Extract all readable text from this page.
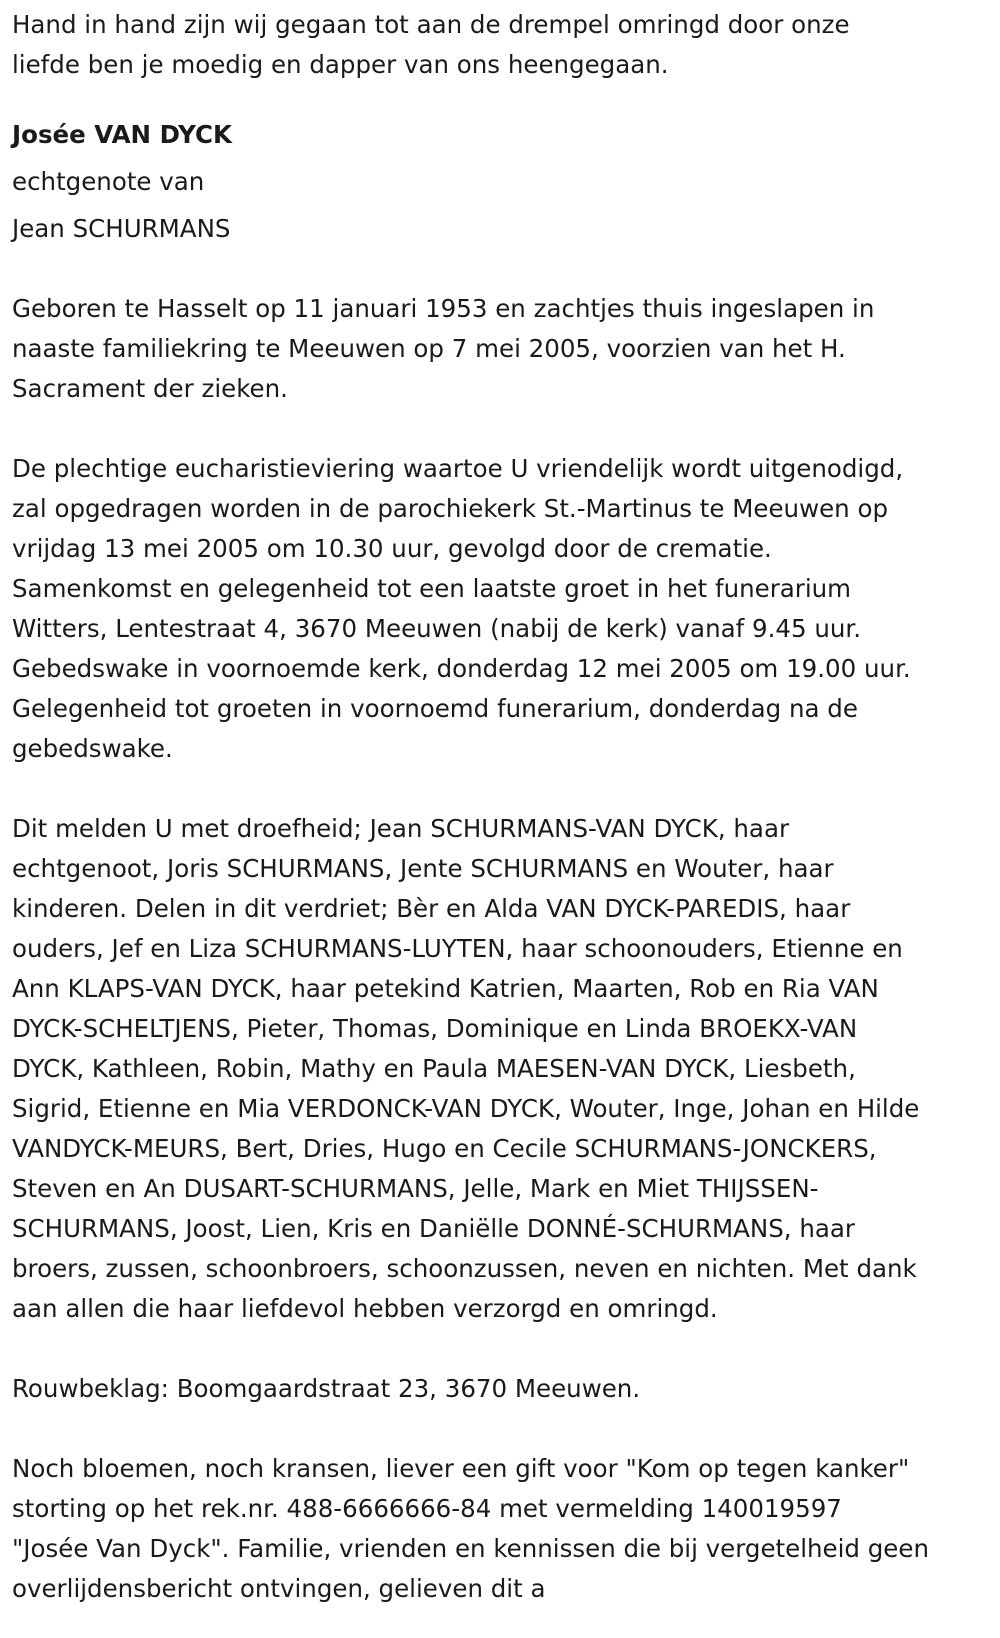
Hand in hand zijn wij gegaan tot aan de drempel omringd door onze
liefde ben je moedig en dapper van ons heengegaan.
Josée VAN DYCK
echtgenote van
Jean SCHURMANS
Geboren te Hasselt op 11 januari 1953 en zachtjes thuis ingeslapen in
naaste familiekring te Meeuwen op 7 mei 2005, voorzien van het H.
Sacrament der zieken.
De plechtige eucharistieviering waartoe U vriendelijk wordt uitgenodigd,
zal opgedragen worden in de parochiekerk St.-Martinus te Meeuwen op
vrijdag 13 mei 2005 om 10.30 uur, gevolgd door de crematie.
Samenkomst en gelegenheid tot een laatste groet in het funerarium
Witters, Lentestraat 4, 3670 Meeuwen (nabij de kerk) vanaf 9.45 uur.
Gebedswake in voornoemde kerk, donderdag 12 mei 2005 om 19.00 uur.
Gelegenheid tot groeten in voornoemd funerarium, donderdag na de
gebedswake.
Dit melden U met droefheid; Jean SCHURMANS-VAN DYCK, haar
echtgenoot, Joris SCHURMANS, Jente SCHURMANS en Wouter, haar
kinderen. Delen in dit verdriet; Bèr en Alda VAN DYCK-PAREDIS, haar
ouders, Jef en Liza SCHURMANS-LUYTEN, haar schoonouders, Etienne en
Ann KLAPS-VAN DYCK, haar petekind Katrien, Maarten, Rob en Ria VAN
DYCK-SCHELTJENS, Pieter, Thomas, Dominique en Linda BROEKX-VAN
DYCK, Kathleen, Robin, Mathy en Paula MAESEN-VAN DYCK, Liesbeth,
Sigrid, Etienne en Mia VERDONCK-VAN DYCK, Wouter, Inge, Johan en Hilde
VANDYCK-MEURS, Bert, Dries, Hugo en Cecile SCHURMANS-JONCKERS,
Steven en An DUSART-SCHURMANS, Jelle, Mark en Miet THIJSSEN-
SCHURMANS, Joost, Lien, Kris en Daniëlle DONNÉ-SCHURMANS, haar
broers, zussen, schoonbroers, schoonzussen, neven en nichten. Met dank
aan allen die haar liefdevol hebben verzorgd en omringd.
Rouwbeklag: Boomgaardstraat 23, 3670 Meeuwen.
Noch bloemen, noch kransen, liever een gift voor "Kom op tegen kanker"
storting op het rek.nr. 488-6666666-84 met vermelding 140019597
"Josée Van Dyck". Familie, vrienden en kennissen die bij vergetelheid geen
overlijdensbericht ontvingen, gelieven dit a
